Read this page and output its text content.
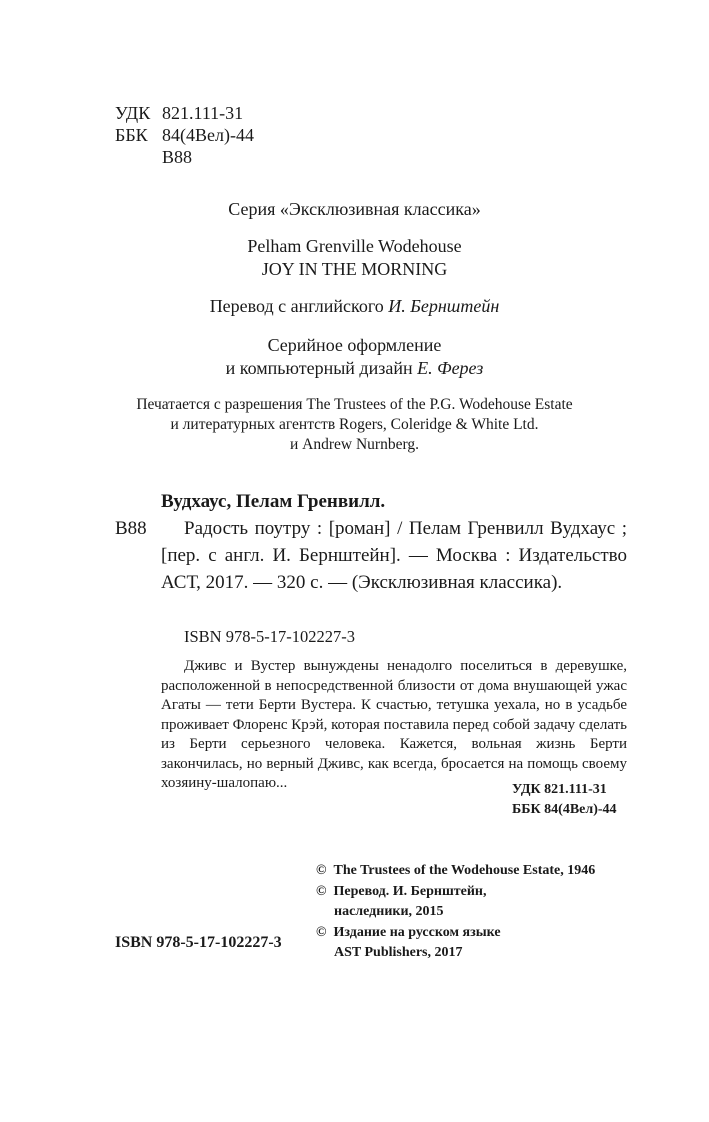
УДК 821.111-31
ББК 84(4Вел)-44
В88
Серия «Эксклюзивная классика»
Pelham Grenville Wodehouse
JOY IN THE MORNING
Перевод с английского И. Бернштейн
Серийное оформление
и компьютерный дизайн Е. Ферез
Печатается с разрешения The Trustees of the P.G. Wodehouse Estate
и литературных агентств Rogers, Coleridge & White Ltd.
и Andrew Nurnberg.
В88
Вудхаус, Пелам Гренвилл.
Радость поутру : [роман] / Пелам Гренвилл Вудхаус ; [пер. с англ. И. Бернштейн]. — Москва : Издательство АСТ, 2017. — 320 с. — (Эксклюзивная классика).
ISBN 978-5-17-102227-3
Дживс и Вустер вынуждены ненадолго поселиться в деревушке, расположенной в непосредственной близости от дома внушающей ужас Агаты — тети Берти Вустера. К счастью, тетушка уехала, но в усадьбе проживает Флоренс Крэй, которая поставила перед собой задачу сделать из Берти серьезного человека. Кажется, вольная жизнь Берти закончилась, но верный Дживс, как всегда, бросается на помощь своему хозяину-шалопаю...	УДК 821.111-31
ББК 84(4Вел)-44
ISBN 978-5-17-102227-3
©
The Trustees of the Wodehouse Estate, 1946
©
Перевод. И. Бернштейн,
наследники, 2015
©
Издание на русском языке
AST Publishers, 2017
